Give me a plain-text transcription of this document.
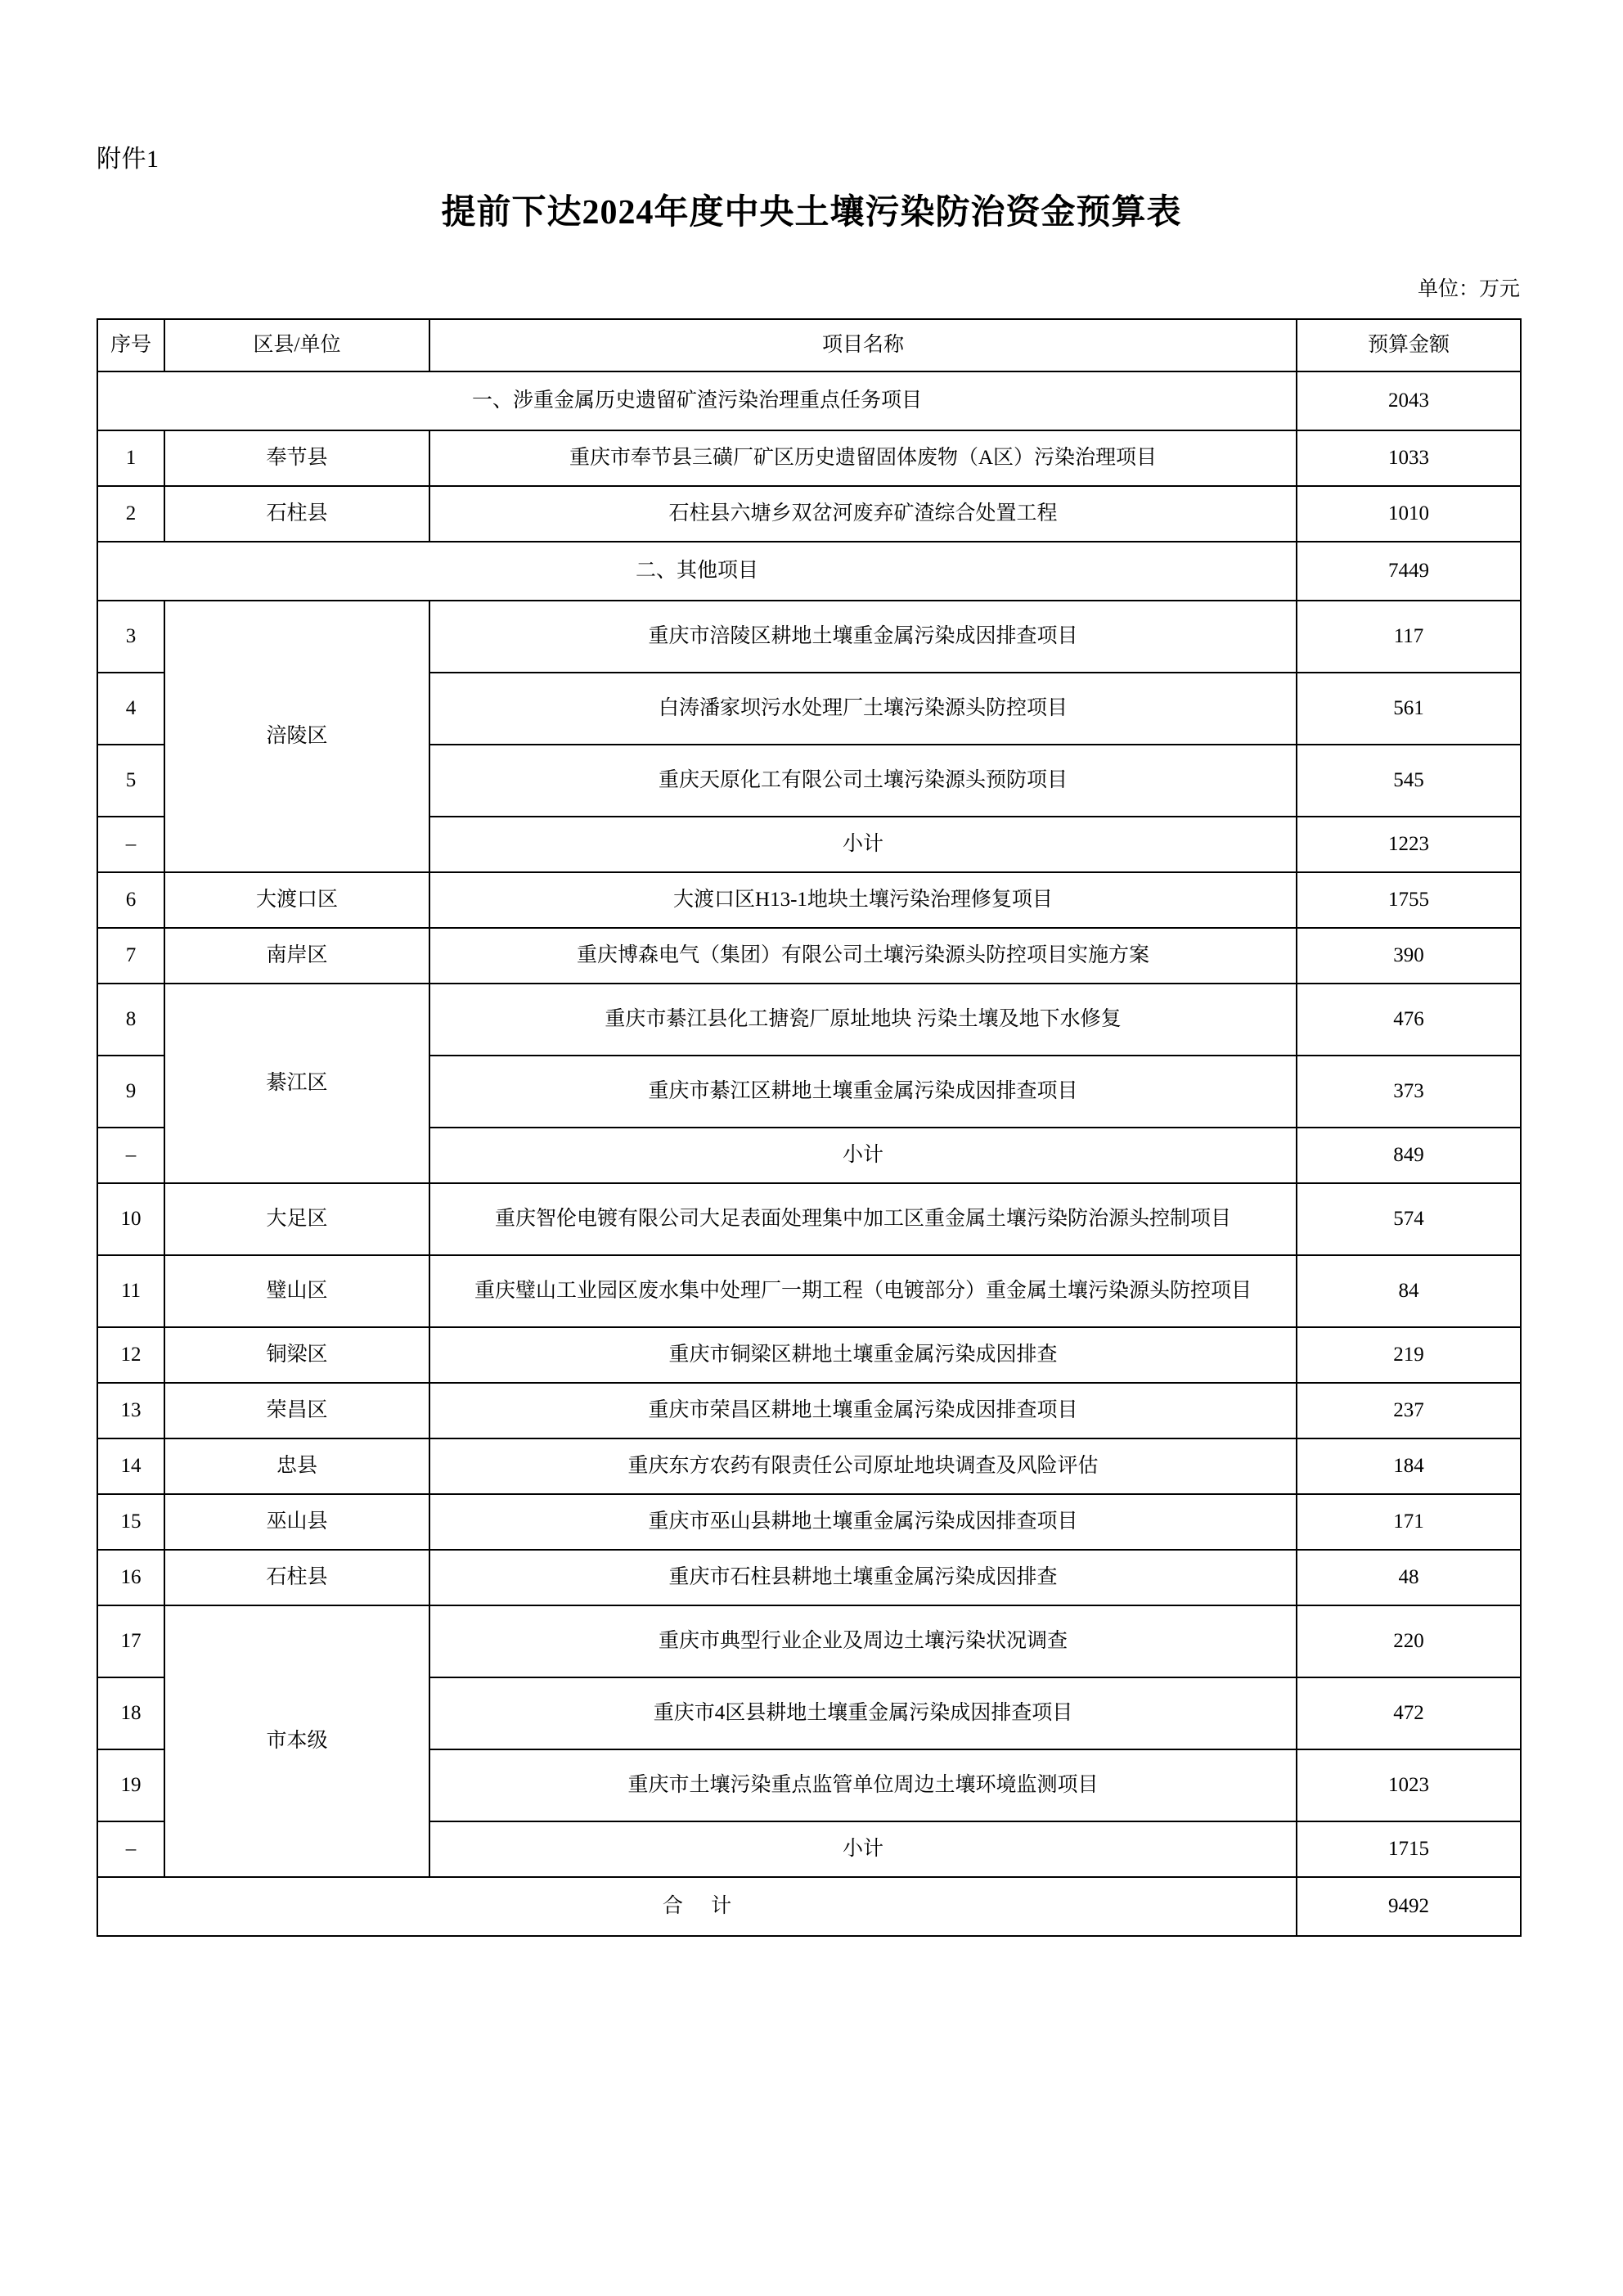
附件1
提前下达2024年度中央土壤污染防治资金预算表
单位：万元
序号	区县/单位	项目名称	预算金额
一、涉重金属历史遗留矿渣污染治理重点任务项目			2043
1	奉节县	重庆市奉节县三磺厂矿区历史遗留固体废物（A区）污染治理项目	1033
2	石柱县	石柱县六塘乡双岔河废弃矿渣综合处置工程	1010
二、其他项目			7449
3	涪陵区	重庆市涪陵区耕地土壤重金属污染成因排查项目	117
4		白涛潘家坝污水处理厂土壤污染源头防控项目	561
5		重庆天原化工有限公司土壤污染源头预防项目	545
–		小计	1223
6	大渡口区	大渡口区H13-1地块土壤污染治理修复项目	1755
7	南岸区	重庆博森电气（集团）有限公司土壤污染源头防控项目实施方案	390
8	綦江区	重庆市綦江县化工搪瓷厂原址地块 污染土壤及地下水修复	476
9		重庆市綦江区耕地土壤重金属污染成因排查项目	373
–		小计	849
10	大足区	重庆智伦电镀有限公司大足表面处理集中加工区重金属土壤污染防治源头控制项目	574
11	璧山区	重庆璧山工业园区废水集中处理厂一期工程（电镀部分）重金属土壤污染源头防控项目	84
12	铜梁区	重庆市铜梁区耕地土壤重金属污染成因排查	219
13	荣昌区	重庆市荣昌区耕地土壤重金属污染成因排查项目	237
14	忠县	重庆东方农药有限责任公司原址地块调查及风险评估	184
15	巫山县	重庆市巫山县耕地土壤重金属污染成因排查项目	171
16	石柱县	重庆市石柱县耕地土壤重金属污染成因排查	48
17	市本级	重庆市典型行业企业及周边土壤污染状况调查	220
18		重庆市4区县耕地土壤重金属污染成因排查项目	472
19		重庆市土壤污染重点监管单位周边土壤环境监测项目	1023
–		小计	1715
合 计			9492
